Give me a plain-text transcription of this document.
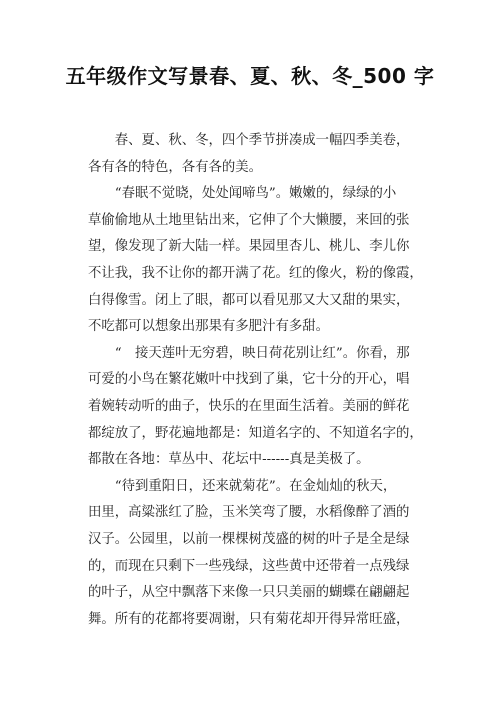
五年级作文写景春、夏、秋、冬_500 字
　　春、夏、秋、冬，四个季节拼凑成一幅四季美卷，
各有各的特色，各有各的美。
　　“春眠不觉晓，处处闻啼鸟”。嫩嫩的，绿绿的小
草偷偷地从土地里钻出来，它伸了个大懒腰，来回的张
望，像发现了新大陆一样。果园里杏儿、桃儿、李儿你
不让我，我不让你的都开满了花。红的像火，粉的像霞，
白得像雪。闭上了眼，都可以看见那又大又甜的果实，
不吃都可以想象出那果有多肥汁有多甜。
　　“　接天莲叶无穷碧，映日荷花别让红”。你看，那
可爱的小鸟在繁花嫩叶中找到了巢，它十分的开心，唱
着婉转动听的曲子，快乐的在里面生活着。美丽的鲜花
都绽放了，野花遍地都是：知道名字的、不知道名字的，
都散在各地：草丛中、花坛中------真是美极了。
　　“待到重阳日，还来就菊花”。在金灿灿的秋天，
田里，高粱涨红了脸，玉米笑弯了腰，水稻像醉了酒的
汉子。公园里，以前一棵棵树茂盛的树的叶子是全是绿
的，而现在只剩下一些残绿，这些黄中还带着一点残绿
的叶子，从空中飘落下来像一只只美丽的蝴蝶在翩翩起
舞。所有的花都将要凋谢，只有菊花却开得异常旺盛，
